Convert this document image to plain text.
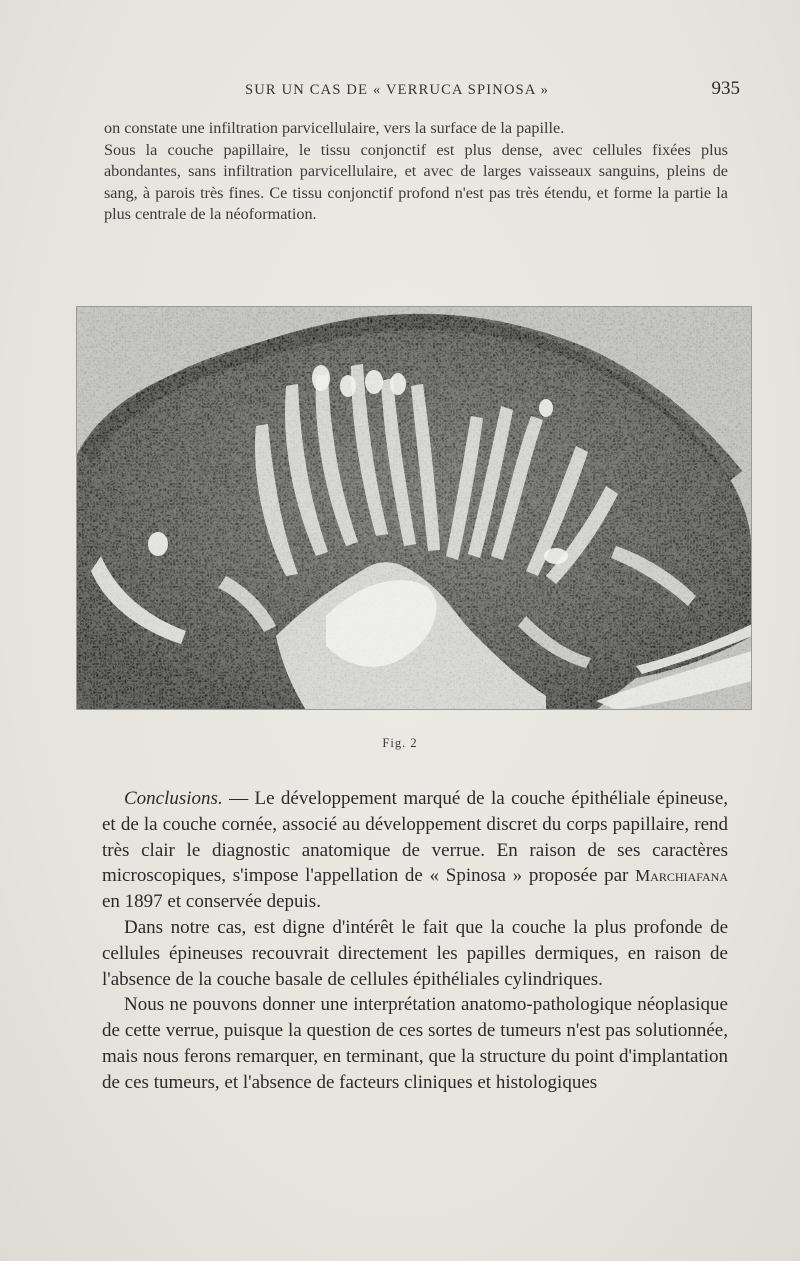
SUR UN CAS DE « VERRUCA SPINOSA »	935

on constate une infiltration parvicellulaire, vers la surface de la papille.

Sous la couche papillaire, le tissu conjonctif est plus dense, avec cellules fixées plus abondantes, sans infiltration parvicellulaire, et avec de larges vaisseaux sanguins, pleins de sang, à parois très fines. Ce tissu conjonctif profond n'est pas très étendu, et forme la partie la plus centrale de la néoformation.

Fig. 2

Conclusions. — Le développement marqué de la couche épithéliale épineuse, et de la couche cornée, associé au développement discret du corps papillaire, rend très clair le diagnostic anatomique de verrue. En raison de ses caractères microscopiques, s'impose l'appellation de « Spinosa » proposée par Marchiafana en 1897 et conservée depuis.

Dans notre cas, est digne d'intérêt le fait que la couche la plus profonde de cellules épineuses recouvrait directement les papilles dermiques, en raison de l'absence de la couche basale de cellules épithéliales cylindriques.

Nous ne pouvons donner une interprétation anatomo-pathologique néoplasique de cette verrue, puisque la question de ces sortes de tumeurs n'est pas solutionnée, mais nous ferons remarquer, en terminant, que la structure du point d'implantation de ces tumeurs, et l'absence de facteurs cliniques et histologiques
